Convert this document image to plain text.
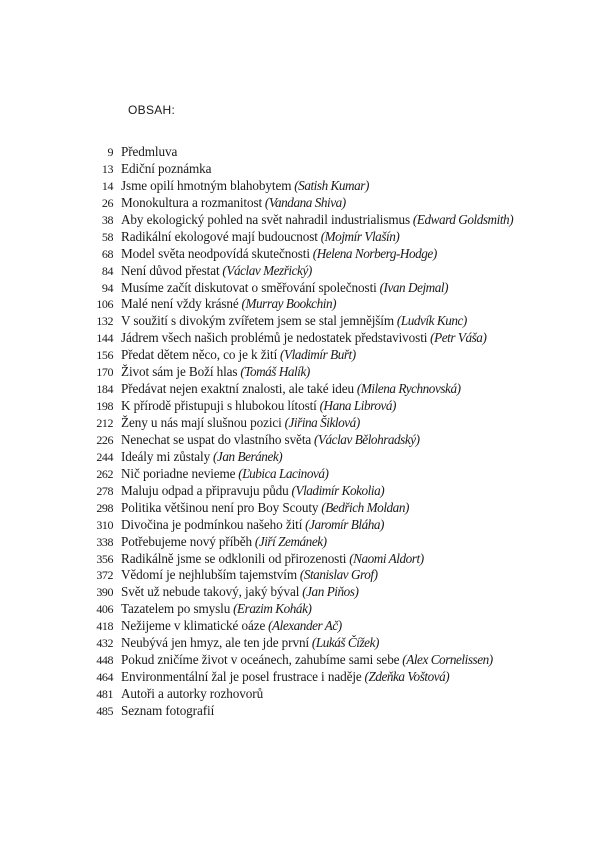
OBSAH:
9 Předmluva
13 Ediční poznámka
14 Jsme opilí hmotným blahobytem ( Satish Kumar )
26 Monokultura a rozmanitost ( Vandana Shiva )
38 Aby ekologický pohled na svět nahradil industrialismus ( Edward Goldsmith )
58 Radikální ekologové mají budoucnost ( Mojmír Vlašín )
68 Model světa neodpovídá skutečnosti ( Helena Norberg-Hodge )
84 Není důvod přestat ( Václav Mezřický )
94 Musíme začít diskutovat o směřování společnosti ( Ivan Dejmal )
106 Malé není vždy krásné ( Murray Bookchin )
132 V soužití s divokým zvířetem jsem se stal jemnějším ( Ludvík Kunc )
144 Jádrem všech našich problémů je nedostatek představivosti ( Petr Váša )
156 Předat dětem něco, co je k žití ( Vladimír Buřt )
170 Život sám je Boží hlas ( Tomáš Halík )
184 Předávat nejen exaktní znalosti, ale také ideu ( Milena Rychnovská )
198 K přírodě přistupuji s hlubokou lítostí ( Hana Librová )
212 Ženy u nás mají slušnou pozici ( Jiřina Šiklová )
226 Nenechat se uspat do vlastního světa ( Václav Bělohradský )
244 Ideály mi zůstaly ( Jan Beránek )
262 Nič poriadne nevieme ( Ľubica Lacinová )
278 Maluju odpad a připravuju půdu ( Vladimír Kokolia )
298 Politika většinou není pro Boy Scouty ( Bedřich Moldan )
310 Divočina je podmínkou našeho žití ( Jaromír Bláha )
338 Potřebujeme nový příběh ( Jiří Zemánek )
356 Radikálně jsme se odklonili od přirozenosti ( Naomi Aldort )
372 Vědomí je nejhlubším tajemstvím ( Stanislav Grof )
390 Svět už nebude takový, jaký býval ( Jan Piňos )
406 Tazatelem po smyslu ( Erazim Kohák )
418 Nežijeme v klimatické oáze ( Alexander Ač )
432 Neubývá jen hmyz, ale ten jde první ( Lukáš Čížek )
448 Pokud zničíme život v oceánech, zahubíme sami sebe ( Alex Cornelissen )
464 Environmentální žal je posel frustrace i naděje ( Zdeňka Voštová )
481 Autoři a autorky rozhovorů
485 Seznam fotografií
